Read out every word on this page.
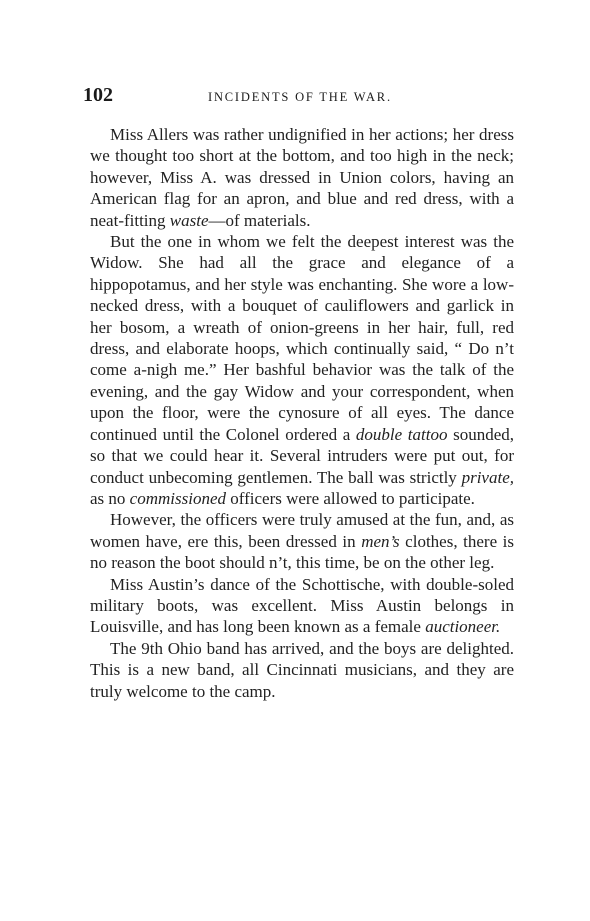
102	INCIDENTS OF THE WAR.

Miss Allers was rather undignified in her actions; her dress we thought too short at the bottom, and too high in the neck; however, Miss A. was dressed in Union colors, having an American flag for an apron, and blue and red dress, with a neat-fitting waste—of materials.

But the one in whom we felt the deepest interest was the Widow. She had all the grace and elegance of a hippopotamus, and her style was enchanting. She wore a low-necked dress, with a bouquet of cauliflowers and garlick in her bosom, a wreath of onion-greens in her hair, full, red dress, and elaborate hoops, which continually said, “ Do n’t come a-nigh me.” Her bashful behavior was the talk of the evening, and the gay Widow and your correspondent, when upon the floor, were the cynosure of all eyes. The dance continued until the Colonel ordered a double tattoo sounded, so that we could hear it. Several intruders were put out, for conduct unbecoming gentlemen. The ball was strictly private, as no commissioned officers were allowed to participate.

However, the officers were truly amused at the fun, and, as women have, ere this, been dressed in men’s clothes, there is no reason the boot should n’t, this time, be on the other leg.

Miss Austin’s dance of the Schottische, with double-soled military boots, was excellent. Miss Austin belongs in Louisville, and has long been known as a female auctioneer.

The 9th Ohio band has arrived, and the boys are delighted. This is a new band, all Cincinnati musicians, and they are truly welcome to the camp.
